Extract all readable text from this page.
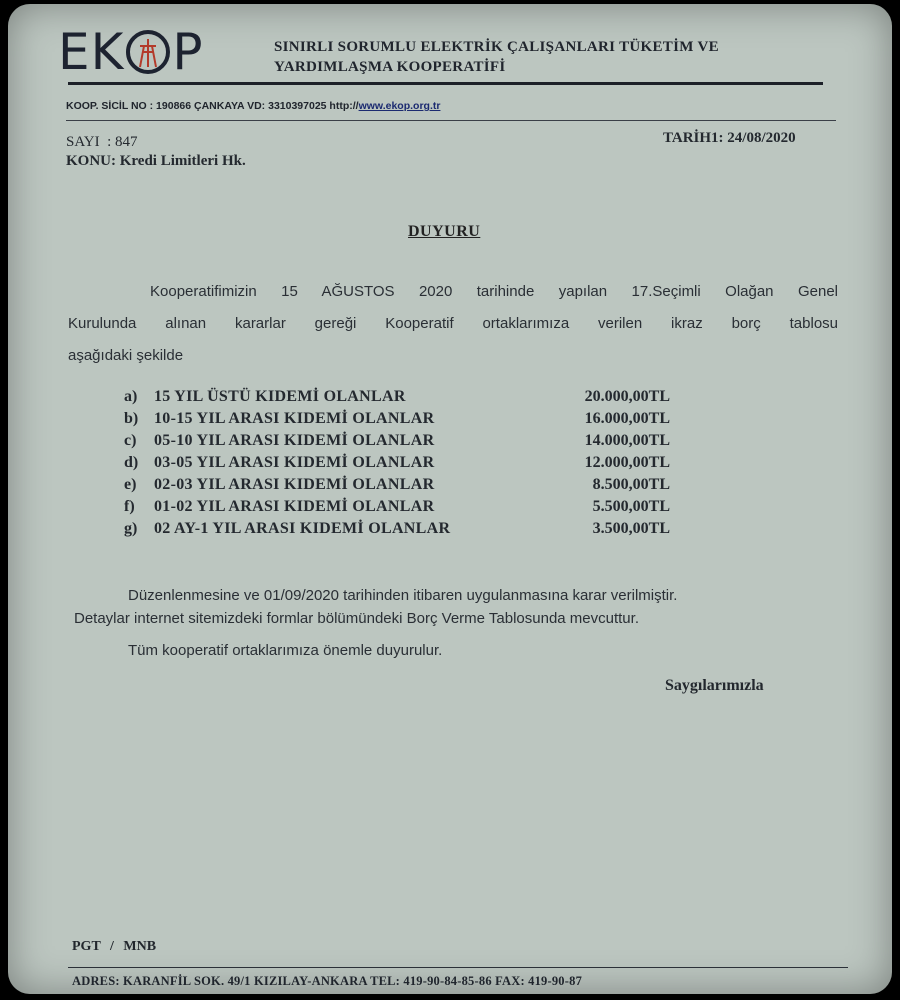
EK P	SINIRLI SORUMLU ELEKTRİK ÇALIŞANLARI TÜKETİM VE
YARDIMLAŞMA KOOPERATİFİ
KOOP. SİCİL NO : 190866 ÇANKAYA VD: 3310397025 http://www.ekop.org.tr
SAYI : 847
KONU: Kredi Limitleri Hk.
TARİH1: 24/08/2020
DUYURU
Kooperatifimizin 15 AĞUSTOS 2020 tarihinde yapılan 17.Seçimli Olağan Genel
Kurulunda alınan kararlar gereği Kooperatif ortaklarımıza verilen ikraz borç tablosu
aşağıdaki şekilde
a)	15 YIL ÜSTÜ KIDEMİ OLANLAR	20.000,00TL
b) 10-15 YIL ARASI KIDEMİ OLANLAR	16.000,00TL
c)	05-10 YIL ARASI KIDEMİ OLANLAR	14.000,00TL
d) 03-05 YIL ARASI KIDEMİ OLANLAR	12.000,00TL
e)	02-03 YIL ARASI KIDEMİ OLANLAR	8.500,00TL
f)	01-02 YIL ARASI KIDEMİ OLANLAR	5.500,00TL
g)	02 AY-1 YIL ARASI KIDEMİ OLANLAR	3.500,00TL
Düzenlenmesine ve 01/09/2020 tarihinden itibaren uygulanmasına karar verilmiştir.
Detaylar internet sitemizdeki formlar bölümündeki Borç Verme Tablosunda mevcuttur.
Tüm kooperatif ortaklarımıza önemle duyurulur.
Saygılarımızla
PGT / MNB
ADRES: KARANFİL SOK. 49/1 KIZILAY-ANKARA TEL: 419-90-84-85-86 FAX: 419-90-87
